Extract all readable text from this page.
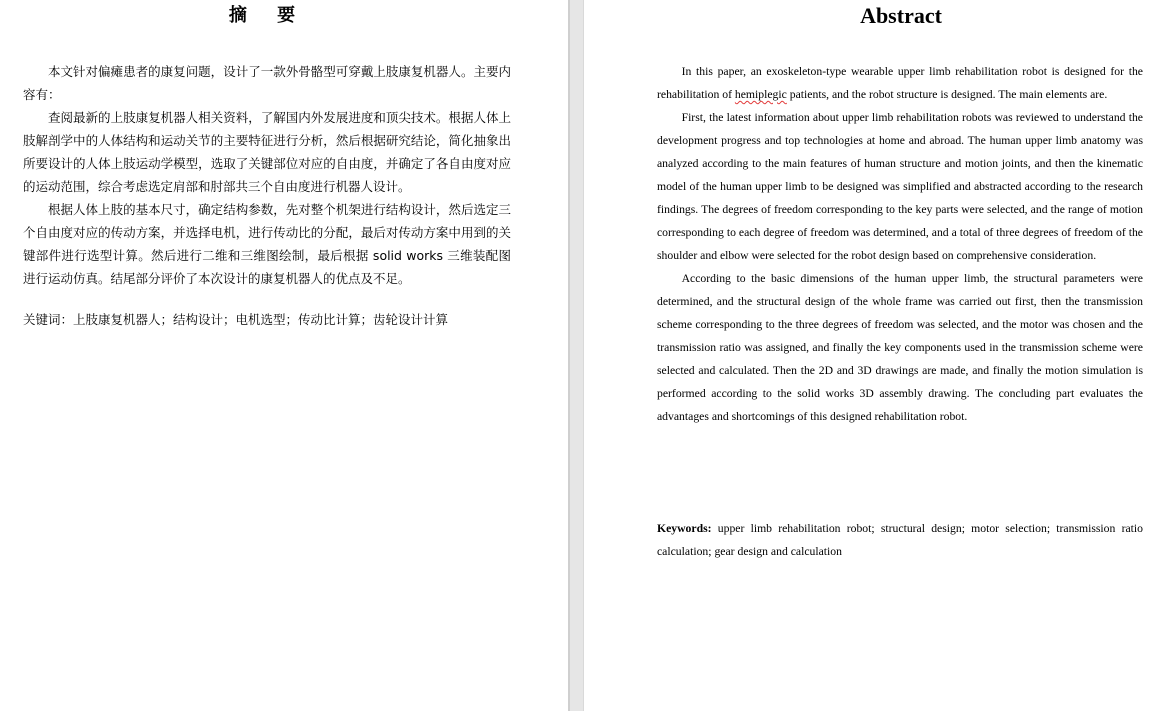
摘 要

本文针对偏瘫患者的康复问题，设计了一款外骨骼型可穿戴上肢康复机器人。主要内容有：

查阅最新的上肢康复机器人相关资料，了解国内外发展进度和顶尖技术。根据人体上肢解剖学中的人体结构和运动关节的主要特征进行分析，然后根据研究结论，简化抽象出所要设计的人体上肢运动学模型，选取了关键部位对应的自由度，并确定了各自由度对应的运动范围，综合考虑选定肩部和肘部共三个自由度进行机器人设计。

根据人体上肢的基本尺寸，确定结构参数，先对整个机架进行结构设计，然后选定三个自由度对应的传动方案，并选择电机，进行传动比的分配，最后对传动方案中用到的关键部件进行选型计算。然后进行二维和三维图绘制，最后根据 solid works 三维装配图进行运动仿真。结尾部分评价了本次设计的康复机器人的优点及不足。

关键词：上肢康复机器人；结构设计；电机选型；传动比计算；齿轮设计计算
Abstract

In this paper, an exoskeleton-type wearable upper limb rehabilitation robot is designed for the rehabilitation of hemiplegic patients, and the robot structure is designed. The main elements are.

First, the latest information about upper limb rehabilitation robots was reviewed to understand the development progress and top technologies at home and abroad. The human upper limb anatomy was analyzed according to the main features of human structure and motion joints, and then the kinematic model of the human upper limb to be designed was simplified and abstracted according to the research findings. The degrees of freedom corresponding to the key parts were selected, and the range of motion corresponding to each degree of freedom was determined, and a total of three degrees of freedom of the shoulder and elbow were selected for the robot design based on comprehensive consideration.

According to the basic dimensions of the human upper limb, the structural parameters were determined, and the structural design of the whole frame was carried out first, then the transmission scheme corresponding to the three degrees of freedom was selected, and the motor was chosen and the transmission ratio was assigned, and finally the key components used in the transmission scheme were selected and calculated. Then the 2D and 3D drawings are made, and finally the motion simulation is performed according to the solid works 3D assembly drawing. The concluding part evaluates the advantages and shortcomings of this designed rehabilitation robot.

Keywords: upper limb rehabilitation robot; structural design; motor selection; transmission ratio calculation; gear design and calculation
